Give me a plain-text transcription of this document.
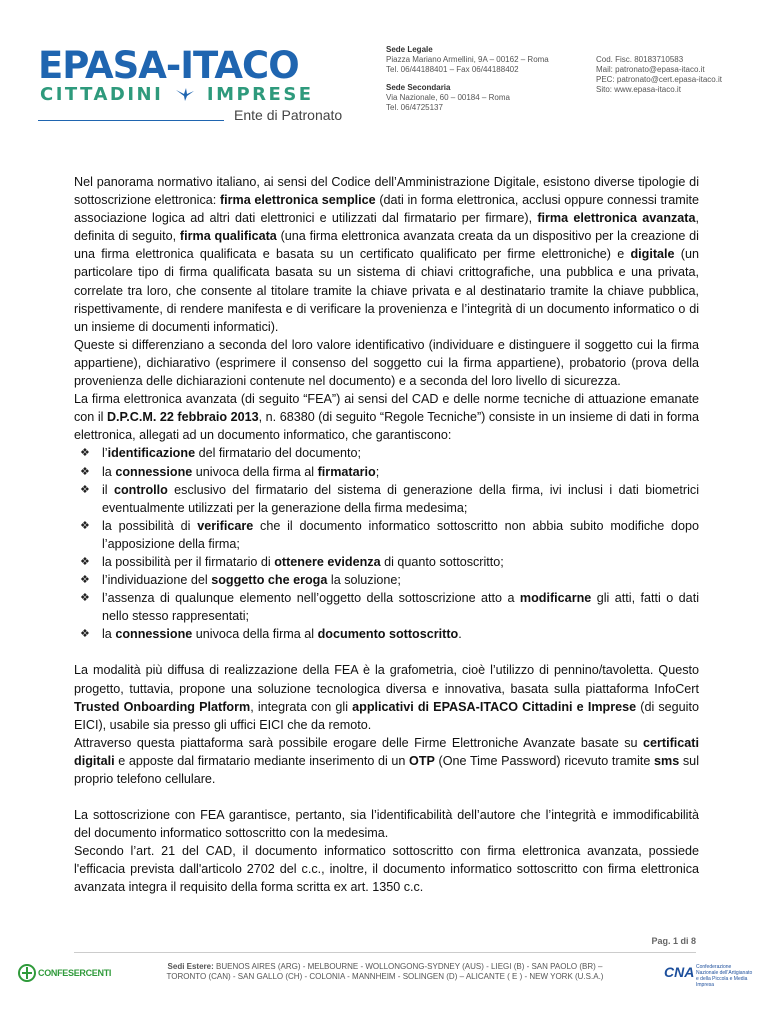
EPASA-ITACO
CITTADINI IMPRESE
Ente di Patronato
Sede Legale
Piazza Mariano Armellini, 9A – 00162 – Roma
Tel. 06/44188401 – Fax 06/44188402
Sede Secondaria
Via Nazionale, 60 – 00184 – Roma
Tel. 06/4725137
Cod. Fisc. 80183710583
Mail: patronato@epasa-itaco.it
PEC: patronato@cert.epasa-itaco.it
Sito: www.epasa-itaco.it

Nel panorama normativo italiano, ai sensi del Codice dell’Amministrazione Digitale, esistono diverse tipologie di sottoscrizione elettronica: firma elettronica semplice (dati in forma elettronica, acclusi oppure connessi tramite associazione logica ad altri dati elettronici e utilizzati dal firmatario per firmare), firma elettronica avanzata, definita di seguito, firma qualificata (una firma elettronica avanzata creata da un dispositivo per la creazione di una firma elettronica qualificata e basata su un certificato qualificato per firme elettroniche) e digitale (un particolare tipo di firma qualificata basata su un sistema di chiavi crittografiche, una pubblica e una privata, correlate tra loro, che consente al titolare tramite la chiave privata e al destinatario tramite la chiave pubblica, rispettivamente, di rendere manifesta e di verificare la provenienza e l’integrità di un documento informatico o di un insieme di documenti informatici).

Queste si differenziano a seconda del loro valore identificativo (individuare e distinguere il soggetto cui la firma appartiene), dichiarativo (esprimere il consenso del soggetto cui la firma appartiene), probatorio (prova della provenienza delle dichiarazioni contenute nel documento) e a seconda del loro livello di sicurezza.

La firma elettronica avanzata (di seguito “FEA”) ai sensi del CAD e delle norme tecniche di attuazione emanate con il D.P.C.M. 22 febbraio 2013, n. 68380 (di seguito “Regole Tecniche”) consiste in un insieme di dati in forma elettronica, allegati ad un documento informatico, che garantiscono:

❖ l’identificazione del firmatario del documento;
❖ la connessione univoca della firma al firmatario;
❖ il controllo esclusivo del firmatario del sistema di generazione della firma, ivi inclusi i dati biometrici eventualmente utilizzati per la generazione della firma medesima;
❖ la possibilità di verificare che il documento informatico sottoscritto non abbia subito modifiche dopo l’apposizione della firma;
❖ la possibilità per il firmatario di ottenere evidenza di quanto sottoscritto;
❖ l’individuazione del soggetto che eroga la soluzione;
❖ l’assenza di qualunque elemento nell’oggetto della sottoscrizione atto a modificarne gli atti, fatti o dati nello stesso rappresentati;
❖ la connessione univoca della firma al documento sottoscritto.

La modalità più diffusa di realizzazione della FEA è la grafometria, cioè l’utilizzo di pennino/tavoletta. Questo progetto, tuttavia, propone una soluzione tecnologica diversa e innovativa, basata sulla piattaforma InfoCert Trusted Onboarding Platform, integrata con gli applicativi di EPASA-ITACO Cittadini e Imprese (di seguito EICI), usabile sia presso gli uffici EICI che da remoto.

Attraverso questa piattaforma sarà possibile erogare delle Firme Elettroniche Avanzate basate su certificati digitali e apposte dal firmatario mediante inserimento di un OTP (One Time Password) ricevuto tramite sms sul proprio telefono cellulare.

La sottoscrizione con FEA garantisce, pertanto, sia l’identificabilità dell’autore che l’integrità e immodificabilità del documento informatico sottoscritto con la medesima.

Secondo l’art. 21 del CAD, il documento informatico sottoscritto con firma elettronica avanzata, possiede l'efficacia prevista dall'articolo 2702 del c.c., inoltre, il documento informatico sottoscritto con firma elettronica avanzata integra il requisito della forma scritta ex art. 1350 c.c.

Pag. 1 di 8
CONFESERCENTI
Sedi Estere: BUENOS AIRES (ARG) - MELBOURNE - WOLLONGONG-SYDNEY (AUS) - LIEGI (B) - SAN PAOLO (BR) –
TORONTO (CAN) - SAN GALLO (CH) - COLONIA - MANNHEIM - SOLINGEN (D) – ALICANTE ( E ) - NEW YORK (U.S.A.)	CNA Confederazione Nazionale dell'Artigianato e della Piccola e Media Impresa
